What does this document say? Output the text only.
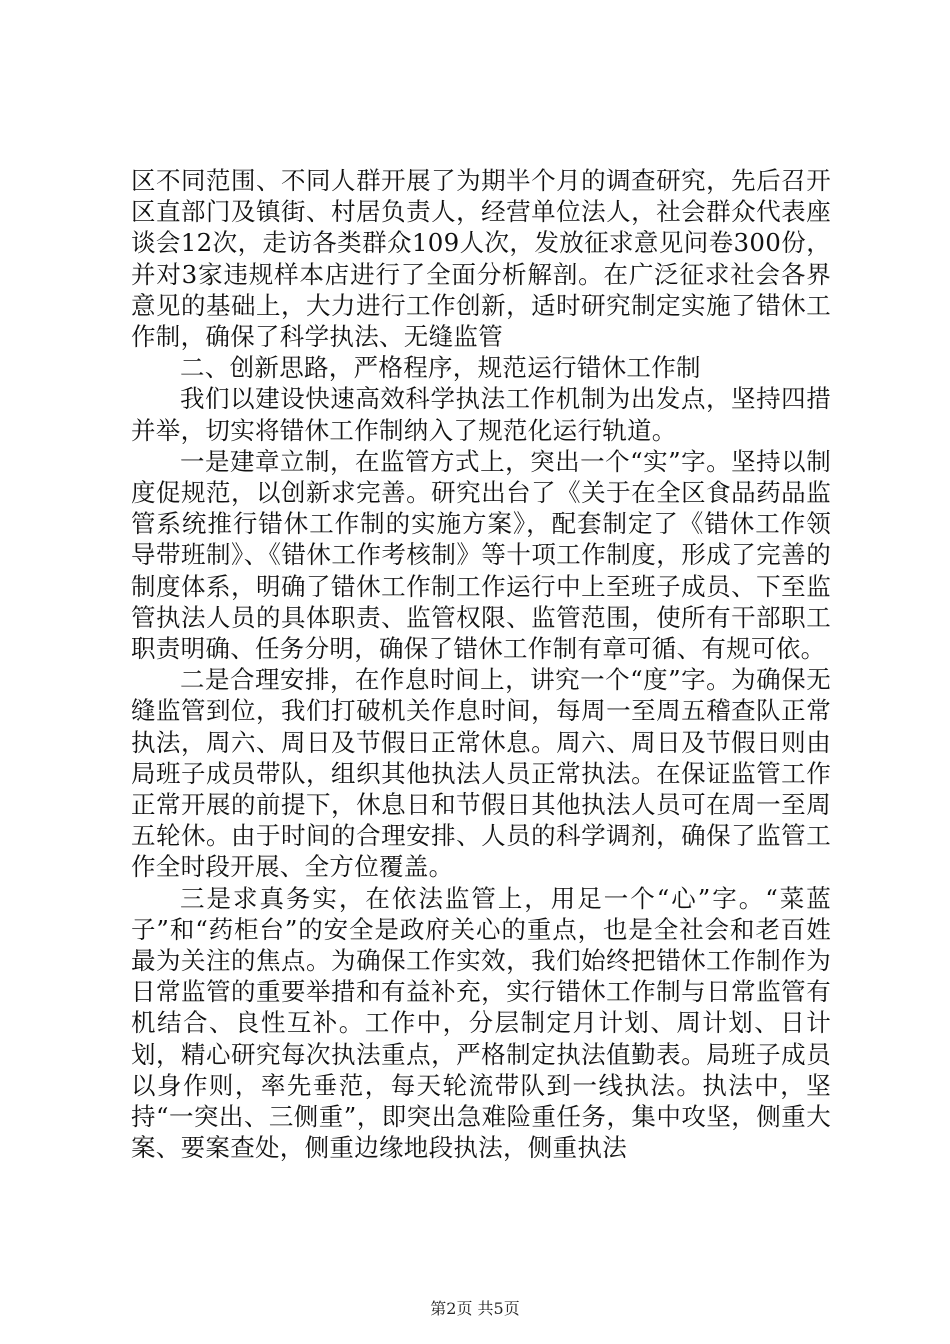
区不同范围、不同人群开展了为期半个月的调查研究，先后召开区直部门及镇街、村居负责人，经营单位法人，社会群众代表座谈会12次，走访各类群众109人次，发放征求意见问卷300份，并对3家违规样本店进行了全面分析解剖。在广泛征求社会各界意见的基础上，大力进行工作创新，适时研究制定实施了错休工作制，确保了科学执法、无缝监管

二、创新思路，严格程序，规范运行错休工作制

我们以建设快速高效科学执法工作机制为出发点，坚持四措并举，切实将错休工作制纳入了规范化运行轨道。

一是建章立制，在监管方式上，突出一个“实”字。坚持以制度促规范，以创新求完善。研究出台了《关于在全区食品药品监管系统推行错休工作制的实施方案》，配套制定了《错休工作领导带班制》、《错休工作考核制》等十项工作制度，形成了完善的制度体系，明确了错休工作制工作运行中上至班子成员、下至监管执法人员的具体职责、监管权限、监管范围，使所有干部职工职责明确、任务分明，确保了错休工作制有章可循、有规可依。

二是合理安排，在作息时间上，讲究一个“度”字。为确保无缝监管到位，我们打破机关作息时间，每周一至周五稽查队正常执法，周六、周日及节假日正常休息。周六、周日及节假日则由局班子成员带队，组织其他执法人员正常执法。在保证监管工作正常开展的前提下，休息日和节假日其他执法人员可在周一至周五轮休。由于时间的合理安排、人员的科学调剂，确保了监管工作全时段开展、全方位覆盖。

三是求真务实，在依法监管上，用足一个“心”字。“菜蓝子”和“药柜台”的安全是政府关心的重点，也是全社会和老百姓最为关注的焦点。为确保工作实效，我们始终把错休工作制作为日常监管的重要举措和有益补充，实行错休工作制与日常监管有机结合、良性互补。工作中，分层制定月计划、周计划、日计划，精心研究每次执法重点，严格制定执法值勤表。局班子成员以身作则，率先垂范，每天轮流带队到一线执法。执法中，坚持“一突出、三侧重”，即突出急难险重任务，集中攻坚，侧重大案、要案查处，侧重边缘地段执法，侧重执法

第2页 共5页
